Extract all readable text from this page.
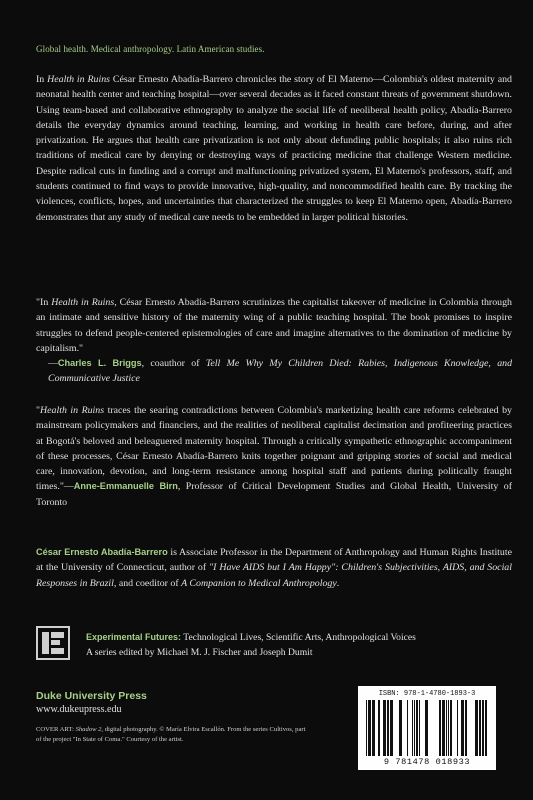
Global health. Medical anthropology. Latin American studies.
In Health in Ruins César Ernesto Abadía-Barrero chronicles the story of El Materno—Colombia's oldest maternity and neonatal health center and teaching hospital—over several decades as it faced constant threats of government shutdown. Using team-based and collaborative ethnography to analyze the social life of neoliberal health policy, Abadía-Barrero details the everyday dynamics around teaching, learning, and working in health care before, during, and after privatization. He argues that health care privatization is not only about defunding public hospitals; it also ruins rich traditions of medical care by denying or destroying ways of practicing medicine that challenge Western medicine. Despite radical cuts in funding and a corrupt and malfunctioning privatized system, El Materno's professors, staff, and students continued to find ways to provide innovative, high-quality, and noncommodified health care. By tracking the violences, conflicts, hopes, and uncertainties that characterized the struggles to keep El Materno open, Abadía-Barrero demonstrates that any study of medical care needs to be embedded in larger political histories.
"In Health in Ruins, César Ernesto Abadía-Barrero scrutinizes the capitalist takeover of medicine in Colombia through an intimate and sensitive history of the maternity wing of a public teaching hospital. The book promises to inspire struggles to defend people-centered epistemologies of care and imagine alternatives to the domination of medicine by capitalism."
—Charles L. Briggs, coauthor of Tell Me Why My Children Died: Rabies, Indigenous Knowledge, and Communicative Justice
"Health in Ruins traces the searing contradictions between Colombia's marketizing health care reforms celebrated by mainstream policymakers and financiers, and the realities of neoliberal capitalist decimation and profiteering practices at Bogotá's beloved and beleaguered maternity hospital. Through a critically sympathetic ethnographic accompaniment of these processes, César Ernesto Abadía-Barrero knits together poignant and gripping stories of social and medical care, innovation, devotion, and long-term resistance among hospital staff and patients during politically fraught times."—Anne-Emmanuelle Birn, Professor of Critical Development Studies and Global Health, University of Toronto
César Ernesto Abadía-Barrero is Associate Professor in the Department of Anthropology and Human Rights Institute at the University of Connecticut, author of "I Have AIDS but I Am Happy": Children's Subjectivities, AIDS, and Social Responses in Brazil, and coeditor of A Companion to Medical Anthropology.
Experimental Futures: Technological Lives, Scientific Arts, Anthropological Voices
A series edited by Michael M. J. Fischer and Joseph Dumit
Duke University Press
www.dukeupress.edu
COVER ART: Shadow 2, digital photography. © María Elvira Escallón. From the series Cultivos, part of the project "In State of Coma." Courtesy of the artist.
ISBN: 978-1-4780-1893-3
9 781478 018933
